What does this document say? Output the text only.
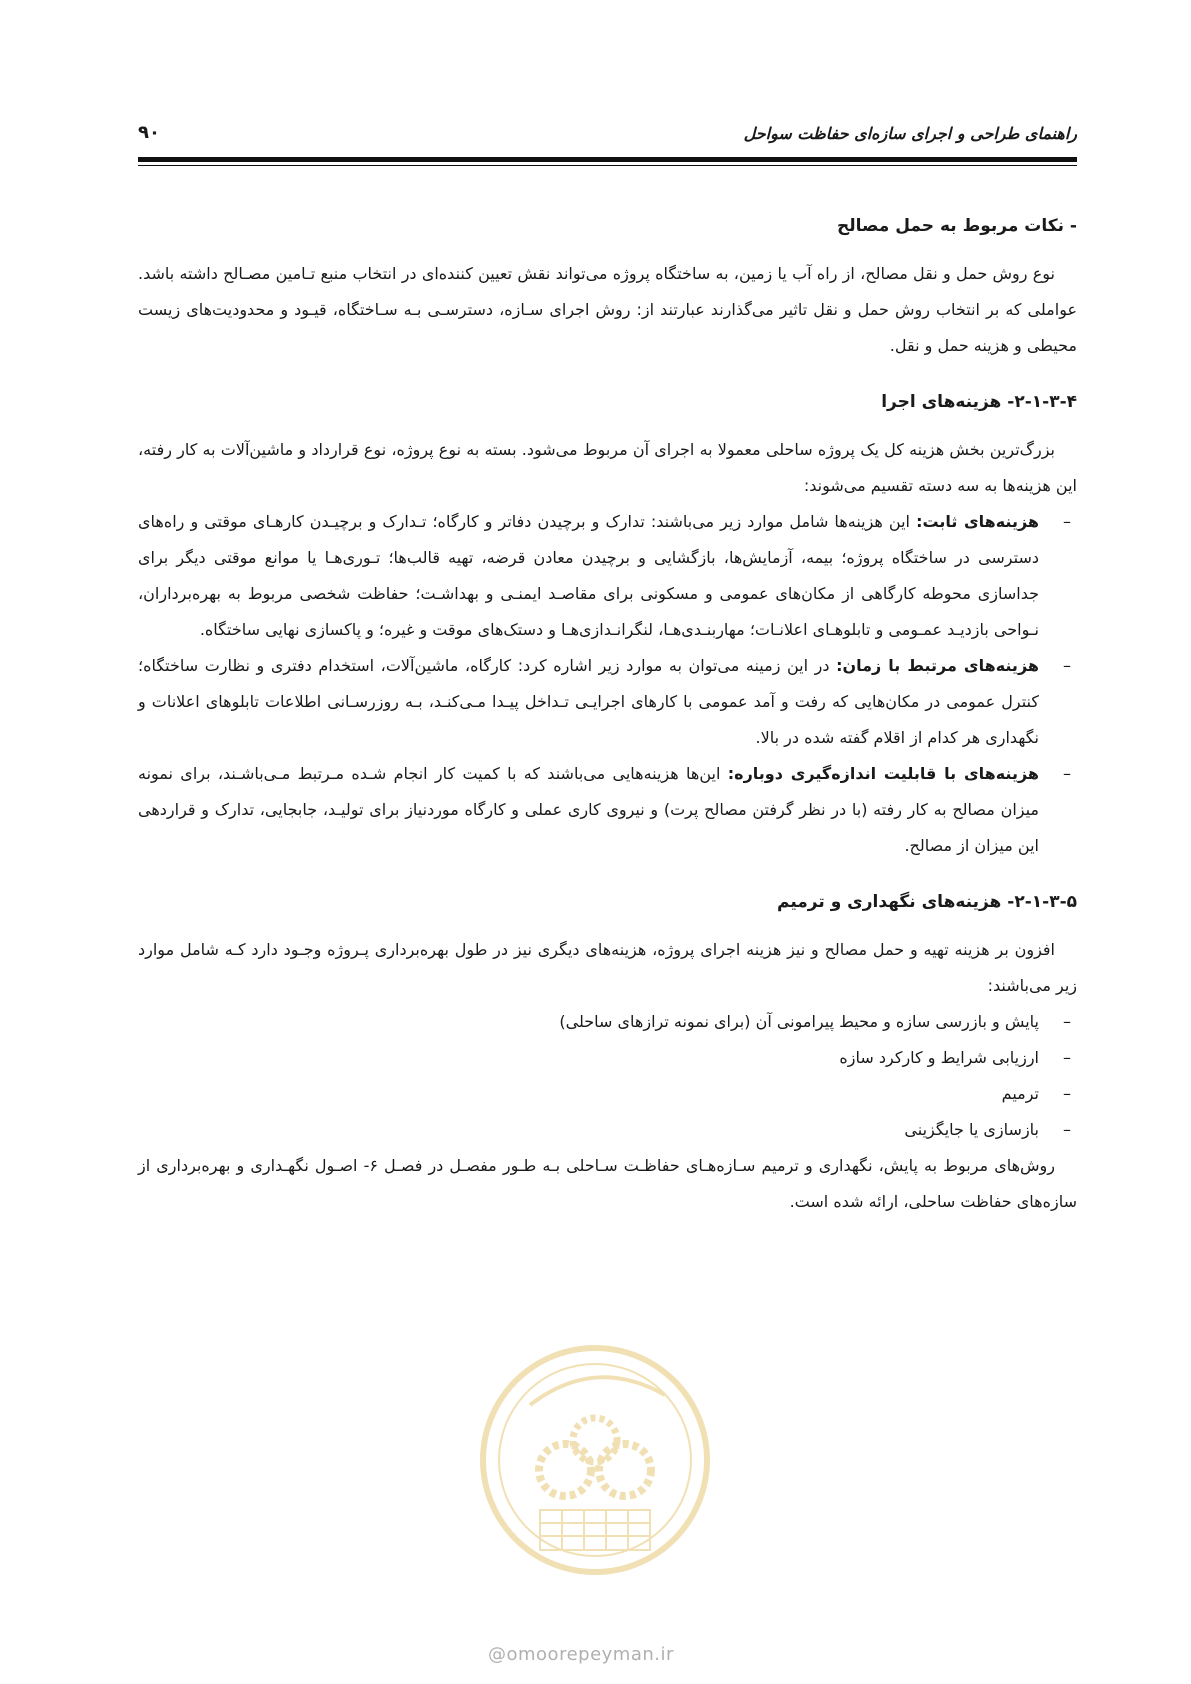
۹۰	راهنمای طراحی و اجرای سازه‌ای حفاظت سواحل
- نکات مربوط به حمل مصالح

نوع روش حمل و نقل مصالح، از راه آب یا زمین، به ساختگاه پروژه می‌تواند نقش تعیین کننده‌ای در انتخاب منبع تـامین مصـالح داشته باشد. عواملی که بر انتخاب روش حمل و نقل تاثیر می‌گذارند عبارتند از: روش اجرای سـازه، دسترسـی بـه سـاختگاه، قیـود و محدودیت‌های زیست محیطی و هزینه حمل و نقل.

۲-۱-۳-۴- هزینه‌های اجرا

بزرگ‌ترین بخش هزینه کل یک پروژه ساحلی معمولا به اجرای آن مربوط می‌شود. بسته به نوع پروژه، نوع قرارداد و ماشین‌آلات به کار رفته، این هزینه‌ها به سه دسته تقسیم می‌شوند:

–
هزینه‌های ثابت: این هزینه‌ها شامل موارد زیر می‌باشند: تدارک و برچیدن دفاتر و کارگاه؛ تـدارک و برچیـدن کارهـای موقتی و راه‌های دسترسی در ساختگاه پروژه؛ بیمه، آزمایش‌ها، بازگشایی و برچیدن معادن قرضه، تهیه قالب‌ها؛ تـوری‌هـا یا موانع موقتی دیگر برای جداسازی محوطه کارگاهی از مکان‌های عمومی و مسکونی برای مقاصـد ایمنـی و بهداشـت؛ حفاظت شخصی مربوط به بهره‌برداران، نـواحی بازدیـد عمـومی و تابلوهـای اعلانـات؛ مهاربنـدی‌هـا، لنگرانـدازی‌هـا و دستک‌های موقت و غیره؛ و پاکسازی نهایی ساختگاه.
–
هزینه‌های مرتبط با زمان: در این زمینه می‌توان به موارد زیر اشاره کرد: کارگاه، ماشین‌آلات، استخدام دفتری و نظارت ساختگاه؛ کنترل عمومی در مکان‌هایی که رفت و آمد عمومی با کارهای اجرایـی تـداخل پیـدا مـی‌کنـد، بـه روزرسـانی اطلاعات تابلوهای اعلانات و نگهداری هر کدام از اقلام گفته شده در بالا.
–
هزینه‌های با قابلیت اندازه‌گیری دوباره: این‌ها هزینه‌هایی می‌باشند که با کمیت کار انجام شـده مـرتبط مـی‌باشـند، برای نمونه میزان مصالح به کار رفته (با در نظر گرفتن مصالح پرت) و نیروی کاری عملی و کارگاه موردنیاز برای تولیـد، جابجایی، تدارک و قراردهی این میزان از مصالح.
۲-۱-۳-۵- هزینه‌های نگهداری و ترمیم

افزون بر هزینه تهیه و حمل مصالح و نیز هزینه اجرای پروژه، هزینه‌های دیگری نیز در طول بهره‌برداری پـروژه وجـود دارد کـه شامل موارد زیر می‌باشند:

–
پایش و بازرسی سازه و محیط پیرامونی آن (برای نمونه ترازهای ساحلی)
–
ارزیابی شرایط و کارکرد سازه
–
ترمیم
–
بازسازی یا جایگزینی

روش‌های مربوط به پایش، نگهداری و ترمیم سـازه‌هـای حفاظـت سـاحلی بـه طـور مفصـل در فصـل ۶- اصـول نگهـداری و بهره‌برداری از سازه‌های حفاظت ساحلی، ارائه شده است.

@omoorepeyman.ir
